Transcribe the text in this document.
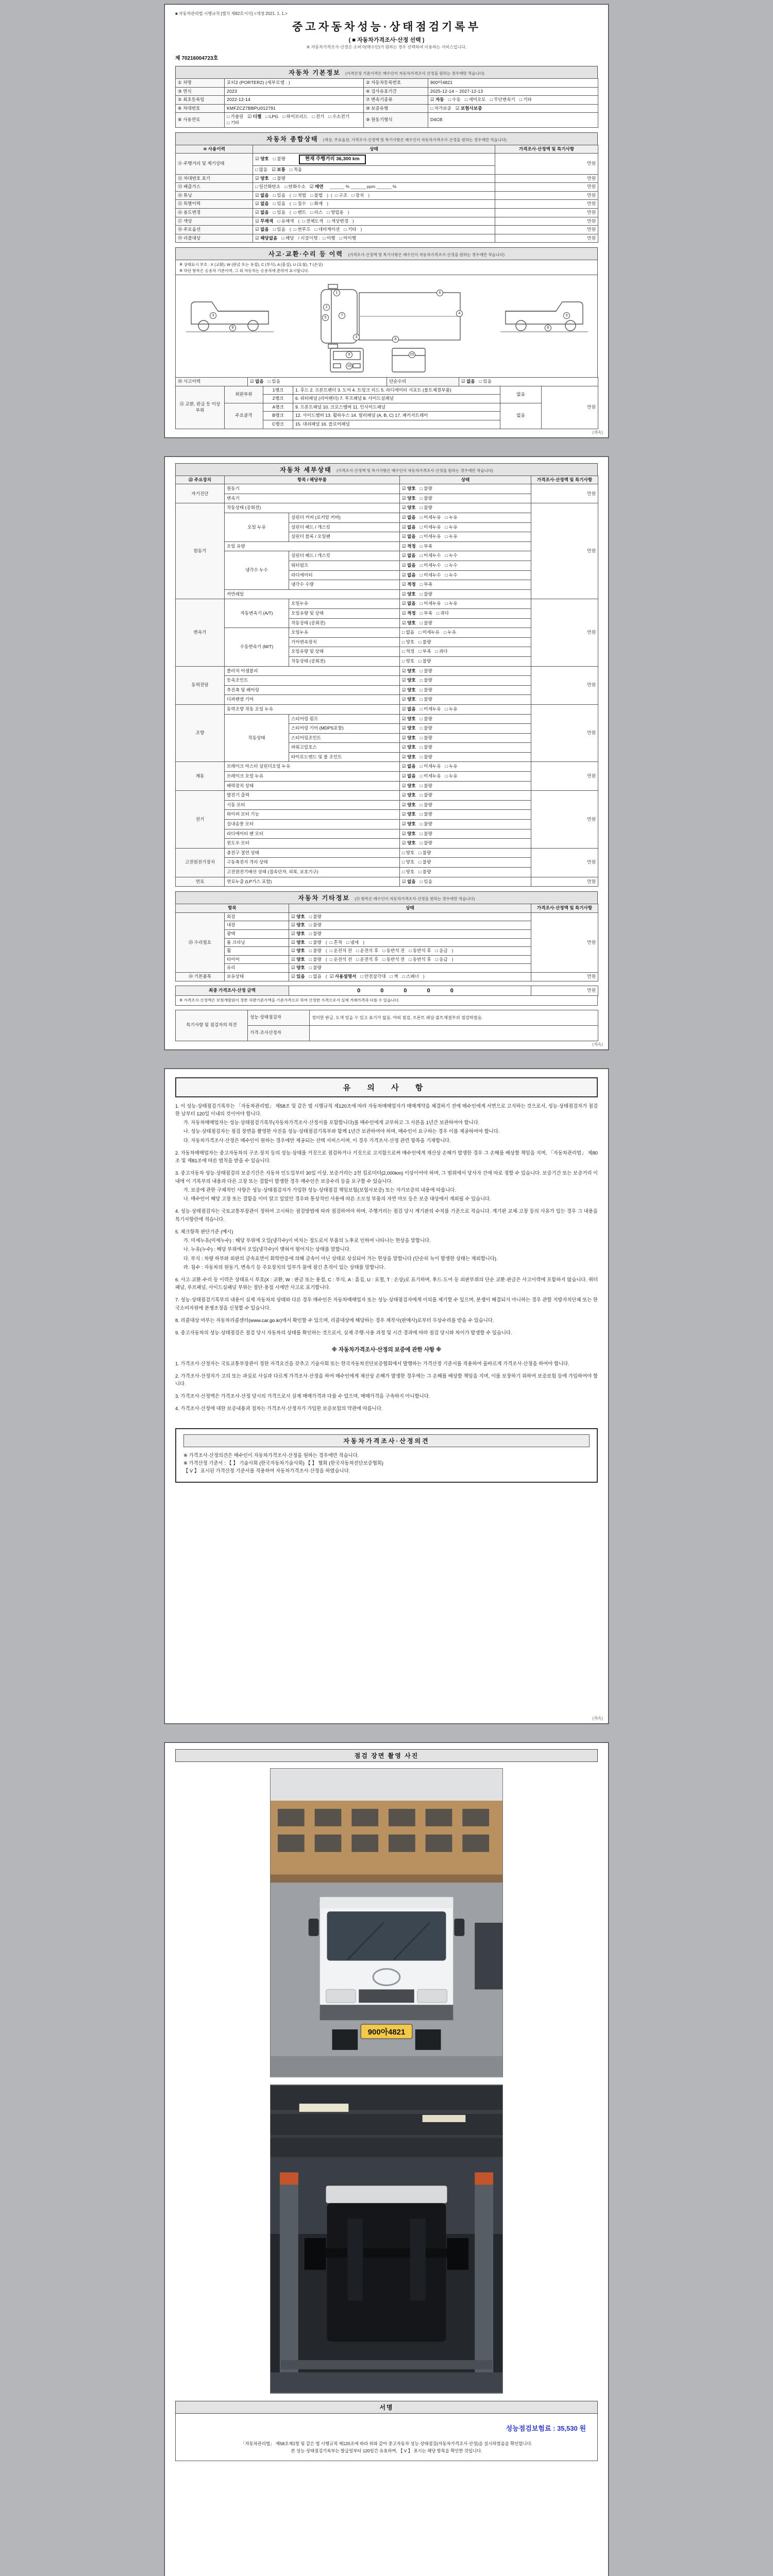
■ 자동차관리법 시행규칙 [별지 제82호서식] <개정 2021. 1. 1.>
중고자동차성능·상태점검기록부
( ■ 자동차가격조사·산정 선택 )
※ 자동차가격조사·산정은 소비자(매수인)가 원하는 경우 선택하여 이용하는 서비스입니다.
제 70216004723호
자동차 기본정보 (가격산정 기준가격은 매수인이 자동차가격조사·산정을 원하는 경우에만 적습니다)
① 차명	포터2 (PORTER2) (세부모델 : )	② 자동차등록번호	900아4821
③ 연식	2023	④ 검사유효기간	2025-12-14 ~ 2027-12-13
⑤ 최초등록일	2022-12-14	⑦ 변속기종류	☑ 자동 □ 수동 □ 세미오토 □ 무단변속기 □ 기타
⑥ 차대번호	KMFZCZ7BBPU012791	⑩ 보증유형	□ 자가보증 ☑ 보험사보증
⑧ 사용연료	□ 가솔린 ☑ 디젤 □ LPG □ 하이브리드 □ 전기 □ 수소전기□ 기타	⑨ 원동기형식	D4CB
자동차 종합상태 (색상, 주요옵션, 가격조사·산정액 및 특기사항은 매수인이 자동차가격조사·산정을 원하는 경우에만 적습니다)
⑩ 사용이력	상태	가격조사·산정액 및 특기사항
⑪ 주행거리 및 계기상태	☑ 양호 □ 불량 현재 주행거리 36,300 km	만원
	□ 많음 ☑ 보통 □ 적음	
⑫ 차대번호 표기	☑ 양호 □ 불량	만원
⑬ 배출가스	□ 일산화탄소 □ 탄화수소 ☑ 매연 ______ % ______ ppm ______ %	만원
⑭ 튜닝	☑ 없음 □ 있음 ( □ 적법 □ 불법 ) ( □ 구조 □ 장치 )	만원
⑮ 특별이력	☑ 없음 □ 있음 ( □ 침수 □ 화재 )	만원
⑯ 용도변경	☑ 없음 □ 있음 ( □ 렌트 □ 리스 □ 영업용 )	만원
⑰ 색상	☑ 무채색 □ 유채색 ( □ 전체도색 □ 색상변경 )	만원
⑱ 주요옵션	☑ 없음 □ 있음 ( □ 썬루프 □ 네비게이션 □ 기타 )	만원
⑲ 리콜대상	☑ 해당없음 □ 해당 / 리콜이행 : □ 이행 □ 미이행	만원
사고·교환·수리 등 이력 (가격조사·산정액 및 특기사항은 매수인이 자동차가격조사·산정을 원하는 경우에만 적습니다)
※ 상태표시 부호 : X (교환), W (판금 또는 용접), C (부식), A (흠집), U (요철), T (손상)
※ 하단 항목은 승용차 기준이며, 그 외 자동차는 승용차에 준하여 표시합니다.
1
2
5
7
3
6
4
8
3
8
3
8
9
10
15
⑳ 사고이력	☑ 없음 □ 있음	단순수리	☑ 없음 □ 있음
㉑ 교환, 판금 등 이상 부위	외판부위	1랭크	1. 후드 2. 프론트펜더 3. 도어 4. 트렁크 리드 5. 라디에이터 서포트 (볼트체결부품)	없음	만원
		2랭크	6. 쿼터패널 (리어펜더) 7. 루프패널 8. 사이드실패널		
	주요골격	A랭크	9. 프론트패널 10. 크로스멤버 11. 인사이드패널	없음	
		B랭크	12. 사이드멤버 13. 휠하우스 14. 필러패널 (A, B, C) 17. 패키지트레이		
		C랭크	15. 대쉬패널 16. 플로어패널		
(계속)
자동차 세부상태 (가격조사·산정액 및 특기사항은 매수인이 자동차가격조사·산정을 원하는 경우에만 적습니다)
㉒ 주요장치	항목 / 해당부품		상태	가격조사·산정액 및 특기사항
자기진단	원동기		☑ 양호 □ 불량	만원
	변속기		☑ 양호 □ 불량	
원동기	작동상태 (공회전)		☑ 양호 □ 불량	만원
	오일 누유	실린더 커버 (로커암 커버)	☑ 없음 □ 미세누유 □ 누유	
		실린더 헤드 / 개스킷	☑ 없음 □ 미세누유 □ 누유	
		실린더 블록 / 오일팬	☑ 없음 □ 미세누유 □ 누유	
	오일 유량		☑ 적정 □ 부족	
	냉각수 누수	실린더 헤드 / 개스킷	☑ 없음 □ 미세누수 □ 누수	
		워터펌프	☑ 없음 □ 미세누수 □ 누수	
		라디에이터	☑ 없음 □ 미세누수 □ 누수	
		냉각수 수량	☑ 적정 □ 부족	
	커먼레일		☑ 양호 □ 불량	
변속기	자동변속기 (A/T)	오일누유	☑ 없음 □ 미세누유 □ 누유	만원
		오일유량 및 상태	☑ 적정 □ 부족 □ 과다	
		작동상태 (공회전)	☑ 양호 □ 불량	
	수동변속기 (M/T)	오일누유	□ 없음 □ 미세누유 □ 누유	
		기어변속장치	□ 양호 □ 불량	
		오일유량 및 상태	□ 적정 □ 부족 □ 과다	
		작동상태 (공회전)	□ 양호 □ 불량	
동력전달	클러치 어셈블리		☑ 양호 □ 불량	만원
	등속조인트		☑ 양호 □ 불량	
	추진축 및 베어링		☑ 양호 □ 불량	
	디퍼렌셜 기어		☑ 양호 □ 불량	
조향	동력조향 작동 오일 누유		☑ 없음 □ 미세누유 □ 누유	만원
	작동상태	스티어링 펌프	☑ 양호 □ 불량	
		스티어링 기어 (MDPS포함)	☑ 양호 □ 불량	
		스티어링조인트	☑ 양호 □ 불량	
		파워고압호스	☑ 양호 □ 불량	
		타이로드엔드 및 볼 조인트	☑ 양호 □ 불량	
제동	브레이크 마스터 실린더오일 누유		☑ 없음 □ 미세누유 □ 누유	만원
	브레이크 오일 누유		☑ 없음 □ 미세누유 □ 누유	
	배력장치 상태		☑ 양호 □ 불량	
전기	발전기 출력		☑ 양호 □ 불량	만원
	시동 모터		☑ 양호 □ 불량	
	와이퍼 모터 기능		☑ 양호 □ 불량	
	실내송풍 모터		☑ 양호 □ 불량	
	라디에이터 팬 모터		☑ 양호 □ 불량	
	윈도우 모터		☑ 양호 □ 불량	
고전원전기장치	충전구 절연 상태		□ 양호 □ 불량	만원
	구동축전지 격리 상태		□ 양호 □ 불량	
	고전원전기배선 상태 (접속단자, 피복, 보호기구)		□ 양호 □ 불량	
연료	연료누출 (LP가스 포함)		☑ 없음 □ 있음	만원
자동차 기타정보 (㉓ 항목은 매수인이 자동차가격조사·산정을 원하는 경우에만 적습니다)
항목		상태	가격조사·산정액 및 특기사항
㉓ 수리필요	외장	☑ 양호 □ 불량	만원
	내장	☑ 양호 □ 불량	
	광택	☑ 양호 □ 불량	
	룸 크리닝	☑ 양호 □ 불량 ( □ 흔적 □ 냄새 )	
	휠	☑ 양호 □ 불량 ( □ 운전석 전 □ 운전석 후 □ 동반석 전 □ 동반석 후 □ 응급 )	
	타이어	☑ 양호 □ 불량 ( □ 운전석 전 □ 운전석 후 □ 동반석 전 □ 동반석 후 □ 응급 )	
	유리	☑ 양호 □ 불량	
㉔ 기본품목	보유상태	☑ 있음 □ 없음 ( ☑ 사용설명서 □ 안전삼각대 □ 잭 □ 스패너 )	만원
최종 가격조사·산정 금액	0 0 0 0 0	만원
※ 가격조사·산정액은 보험개발원이 정한 차량기준가액을 기준가격으로 하여 산정한 가격으로서 실제 거래가격과 다를 수 있습니다.
특기사항 및 점검자의 의견	성능·상태점검자	경미한 판금, 도색 있을 수 있고 표기가 없음. 야외 점검, 프론트 패널·볼트체결부위 점검하였음.
	가격·조사산정자	
(계속)
유 의 사 항
1. 이 성능·상태점검기록부는 「자동차관리법」 제58조 및 같은 법 시행규칙 제120조에 따라 자동차매매업자가 매매계약을 체결하기 전에 매수인에게 서면으로 고지하는 것으로서, 성능·상태점검자가 점검한 날부터 120일 이내의 것이어야 합니다.
가. 자동차매매업자는 성능·상태점검기록부(자동차가격조사·산정서를 포함합니다)를 매수인에게 교부하고 그 사본을 1년간 보관하여야 합니다.
나. 성능·상태점검자는 점검 장면을 촬영한 사진을 성능·상태점검기록부와 함께 1년간 보관하여야 하며, 매수인이 요구하는 경우 이를 제공하여야 합니다.
다. 자동차가격조사·산정은 매수인이 원하는 경우에만 제공되는 선택 서비스이며, 이 경우 가격조사·산정 관련 항목을 기재합니다.
2. 자동차매매업자는 중고자동차의 구조·장치 등의 성능·상태를 거짓으로 점검하거나 거짓으로 고지함으로써 매수인에게 재산상 손해가 발생한 경우 그 손해를 배상할 책임을 지며, 「자동차관리법」 제80조 및 제81조에 따른 벌칙을 받을 수 있습니다.
3. 중고자동차 성능·상태점검의 보증기간은 자동차 인도일부터 30일 이상, 보증거리는 2천 킬로미터(2,000km) 이상이어야 하며, 그 범위에서 당사자 간에 따로 정할 수 있습니다. 보증기간 또는 보증거리 이내에 이 기록부의 내용과 다른 고장 또는 결함이 발생한 경우 매수인은 보증수리 등을 요구할 수 있습니다.
가. 보증에 관한 구체적인 사항은 성능·상태점검자가 가입한 성능·상태점검 책임보험(보험사보증) 또는 자가보증의 내용에 따릅니다.
나. 매수인이 해당 고장 또는 결함을 이미 알고 있었던 경우와 통상적인 사용에 따른 소모성 부품의 자연 마모 등은 보증 대상에서 제외될 수 있습니다.
4. 성능·상태점검자는 국토교통부장관이 정하여 고시하는 점검방법에 따라 점검하여야 하며, 주행거리는 점검 당시 계기판의 수치를 기준으로 적습니다. 계기판 교체·고장 등의 사유가 있는 경우 그 내용을 특기사항란에 적습니다.
5. 체크항목 판단기준 (예시)
가. 미세누유(미세누수) : 해당 부위에 오일(냉각수)이 비치는 정도로서 부품의 노후로 인하여 나타나는 현상을 말합니다.
나. 누유(누수) : 해당 부위에서 오일(냉각수)이 맺혀서 떨어지는 상태를 말합니다.
다. 부식 : 차량 하부와 외판의 금속표면이 화학반응에 의해 금속이 아닌 상태로 상실되어 가는 현상을 말합니다 (단순히 녹이 발생한 상태는 제외합니다).
라. 침수 : 자동차의 원동기, 변속기 등 주요장치의 일부가 물에 잠긴 흔적이 있는 상태를 말합니다.
6. 사고·교환·수리 등 이력은 상태표시 부호(X : 교환, W : 판금 또는 용접, C : 부식, A : 흠집, U : 요철, T : 손상)로 표기하며, 후드·도어 등 외판부위의 단순 교환·판금은 사고이력에 포함하지 않습니다. 쿼터패널, 루프패널, 사이드실패널 부위는 절단·용접 시에만 사고로 표기합니다.
7. 성능·상태점검기록부의 내용이 실제 자동차의 상태와 다른 경우 매수인은 자동차매매업자 또는 성능·상태점검자에게 이의를 제기할 수 있으며, 분쟁이 해결되지 아니하는 경우 관할 지방자치단체 또는 한국소비자원에 분쟁조정을 신청할 수 있습니다.
8. 리콜대상 여부는 자동차리콜센터(www.car.go.kr)에서 확인할 수 있으며, 리콜대상에 해당하는 경우 제작사(판매사)로부터 무상수리를 받을 수 있습니다.
9. 중고자동차의 성능·상태점검은 점검 당시 자동차의 상태를 확인하는 것으로서, 실제 주행·사용 과정 및 시간 경과에 따라 점검 당시와 차이가 발생할 수 있습니다.
※ 자동차가격조사·산정의 보증에 관한 사항 ※
1. 가격조사·산정자는 국토교통부장관이 정한 자격요건을 갖추고 기술사회 또는 한국자동차진단보증협회에서 발행하는 가격산정 기준서를 적용하여 올바르게 가격조사·산정을 하여야 합니다.
2. 가격조사·산정자가 고의 또는 과실로 사실과 다르게 가격조사·산정을 하여 매수인에게 재산상 손해가 발생한 경우에는 그 손해를 배상할 책임을 지며, 이를 보장하기 위하여 보증보험 등에 가입하여야 합니다.
3. 가격조사·산정액은 가격조사·산정 당시의 가격으로서 실제 매매가격과 다를 수 있으며, 매매가격을 구속하지 아니합니다.
4. 가격조사·산정에 대한 보증내용과 절차는 가격조사·산정자가 가입한 보증보험의 약관에 따릅니다.
자동차가격조사·산정의견
※ 가격조사·산정의견은 매수인이 자동차가격조사·산정을 원하는 경우에만 적습니다.
※ 가격산정 기준서 : 【 】 기술사회 (한국자동차기술사회) 【 】 협회 (한국자동차진단보증협회)
【 V 】 표시된 가격산정 기준서를 적용하여 자동차가격조사·산정을 하였습니다.
(계속)
점검 장면 촬영 사진
900아4821
서명
성능점검보험료 : 35,530 원
「자동차관리법」 제58조제1항 및 같은 법 시행규칙 제120조에 따라 위와 같이 중고자동차 성능·상태점검(자동차가격조사·산정)을 실시하였음을 확인합니다.
본 성능·상태점검기록부는 발급일부터 120일간 유효하며, 【 V 】 표시는 해당 항목을 확인한 것입니다.
